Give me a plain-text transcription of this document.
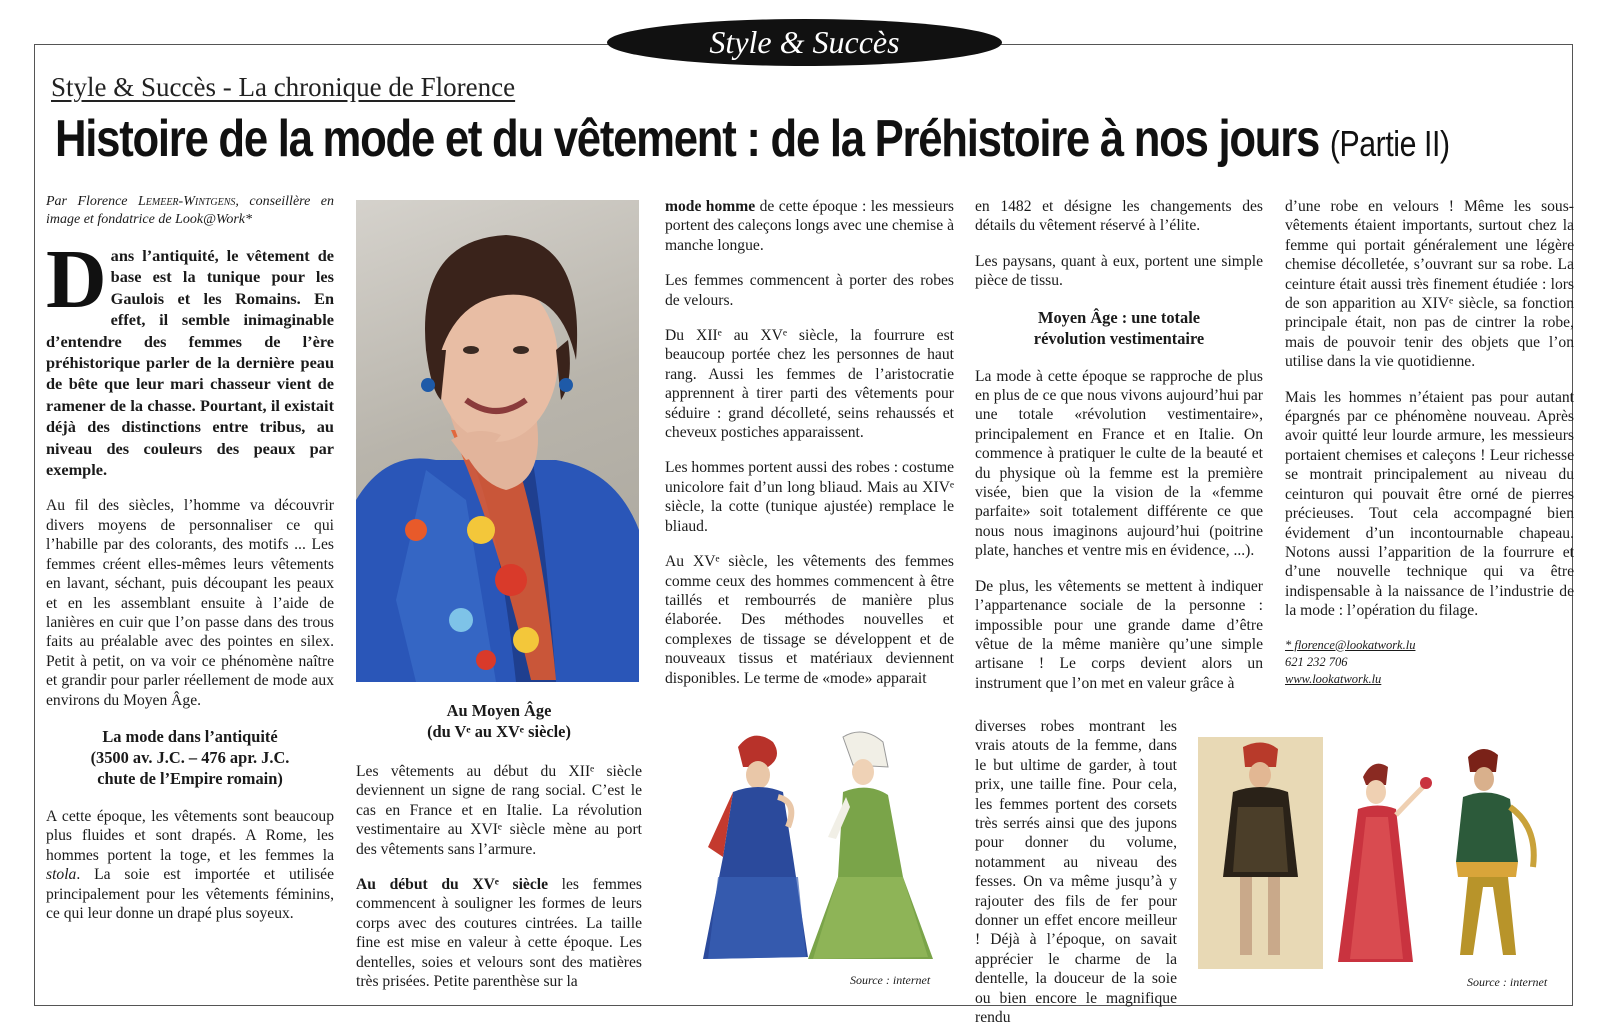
Style & Succès
Style & Succès - La chronique de Florence
Histoire de la mode et du vêtement : de la Préhistoire à nos jours (Partie II)

Par Florence Lemeer-Wintgens, conseillère en image et fondatrice de Look@Work*

Dans l’antiquité, le vêtement de base est la tunique pour les Gaulois et les Romains. En effet, il semble inimaginable d’entendre des femmes de l’ère préhistorique parler de la dernière peau de bête que leur mari chasseur vient de ramener de la chasse. Pourtant, il existait déjà des distinctions entre tribus, au niveau des couleurs des peaux par exemple.

Au fil des siècles, l’homme va découvrir divers moyens de personnaliser ce qui l’habille par des colorants, des motifs ... Les femmes créent elles-mêmes leurs vêtements en lavant, séchant, puis découpant les peaux et en les assemblant ensuite à l’aide de lanières en cuir que l’on passe dans des trous faits au préalable avec des pointes en silex. Petit à petit, on va voir ce phénomène naître et grandir pour parler réellement de mode aux environs du Moyen Âge.

La mode dans l’antiquité
(3500 av. J.C. – 476 apr. J.C.
chute de l’Empire romain)

A cette époque, les vêtements sont beaucoup plus fluides et sont drapés. A Rome, les hommes portent la toge, et les femmes la stola. La soie est importée et utilisée principalement pour les vêtements féminins, ce qui leur donne un drapé plus soyeux.

Au Moyen Âge
(du Vᵉ au XVᵉ siècle)

Les vêtements au début du XIIᵉ siècle deviennent un signe de rang social. C’est le cas en France et en Italie. La révolution vestimentaire au XVIᵉ siècle mène au port des vêtements sans l’armure.

Au début du XVᵉ siècle les femmes commencent à souligner les formes de leurs corps avec des coutures cintrées. La taille fine est mise en valeur à cette époque. Les dentelles, soies et velours sont des matières très prisées. Petite parenthèse sur la

mode homme de cette époque : les messieurs portent des caleçons longs avec une chemise à manche longue.

Les femmes commencent à porter des robes de velours.

Du XIIᵉ au XVᵉ siècle, la fourrure est beaucoup portée chez les personnes de haut rang. Aussi les femmes de l’aristocratie apprennent à tirer parti des vêtements pour séduire : grand décolleté, seins rehaussés et cheveux postiches apparaissent.

Les hommes portent aussi des robes : costume unicolore fait d’un long bliaud. Mais au XIVᵉ siècle, la cotte (tunique ajustée) remplace le bliaud.

Au XVᵉ siècle, les vêtements des femmes comme ceux des hommes commencent à être taillés et rembourrés de manière plus élaborée. Des méthodes nouvelles et complexes de tissage se développent et de nouveaux tissus et matériaux deviennent disponibles. Le terme de «mode» apparait

Source : internet

en 1482 et désigne les changements des détails du vêtement réservé à l’élite.

Les paysans, quant à eux, portent une simple pièce de tissu.

Moyen Âge : une totale
révolution vestimentaire

La mode à cette époque se rapproche de plus en plus de ce que nous vivons aujourd’hui par une totale «révolution vestimentaire», principalement en France et en Italie. On commence à pratiquer le culte de la beauté et du physique où la femme est la première visée, bien que la vision de la «femme parfaite» soit totalement différente ce que nous nous imaginons aujourd’hui (poitrine plate, hanches et ventre mis en évidence, ...).

De plus, les vêtements se mettent à indiquer l’appartenance sociale de la personne : impossible pour une grande dame d’être vêtue de la même manière qu’une simple artisane ! Le corps devient alors un instrument que l’on met en valeur grâce à

diverses robes montrant les vrais atouts de la femme, dans le but ultime de garder, à tout prix, une taille fine. Pour cela, les femmes portent des corsets très serrés ainsi que des jupons pour donner du volume, notamment au niveau des fesses. On va même jusqu’à y rajouter des fils de fer pour donner un effet encore meilleur ! Déjà à l’époque, on savait apprécier le charme de la dentelle, la douceur de la soie ou bien encore le magnifique rendu

d’une robe en velours ! Même les sous-vêtements étaient importants, surtout chez la femme qui portait généralement une légère chemise décolletée, s’ouvrant sur sa robe. La ceinture était aussi très finement étudiée : lors de son apparition au XIVᵉ siècle, sa fonction principale était, non pas de cintrer la robe, mais de pouvoir tenir des objets que l’on utilise dans la vie quotidienne.

Mais les hommes n’étaient pas pour autant épargnés par ce phénomène nouveau. Après avoir quitté leur lourde armure, les messieurs portaient chemises et caleçons ! Leur richesse se montrait principalement au niveau du ceinturon qui pouvait être orné de pierres précieuses. Tout cela accompagné bien évidement d’un incontournable chapeau. Notons aussi l’apparition de la fourrure et d’une nouvelle technique qui va être indispensable à la naissance de l’industrie de la mode : l’opération du filage.

* florence@lookatwork.lu
621 232 706
www.lookatwork.lu

Source : internet
